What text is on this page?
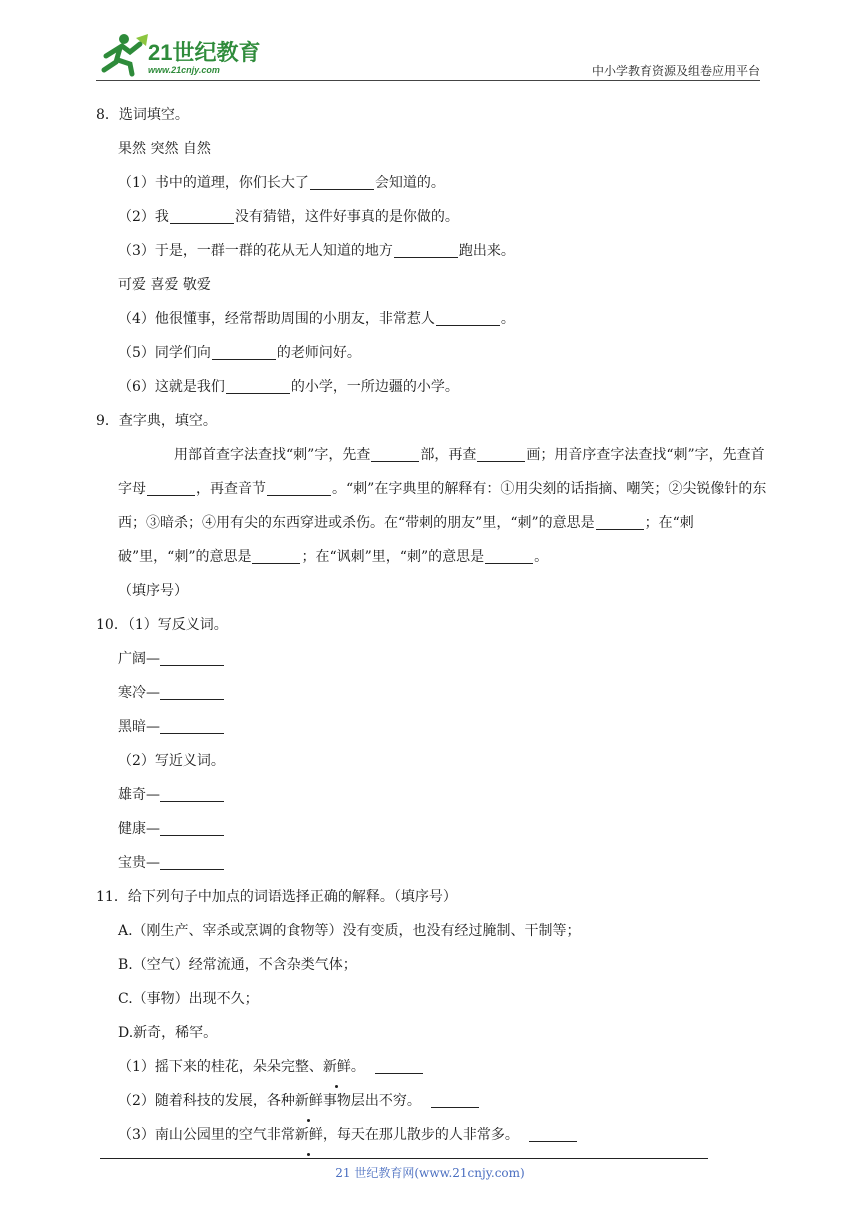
21世纪教育
www.21cnjy.com	中小学教育资源及组卷应用平台
8．选词填空。
果然 突然 自然
（1）书中的道理，你们长大了	会知道的。
（2）我	没有猜错，这件好事真的是你做的。
（3）于是，一群一群的花从无人知道的地方	跑出来。
可爱 喜爱 敬爱
（4）他很懂事，经常帮助周围的小朋友，非常惹人	。
（5）同学们向	的老师问好。
（6）这就是我们	的小学，一所边疆的小学。
9．查字典，填空。
用部首查字法查找“刺”字，先查	部，再查	画；用音序查字法查找“刺”字，先查首字母	，再查音节	。“刺”在字典里的解释有：①用尖刻的话指摘、嘲笑；②尖锐像针的东西；③暗杀；④用有尖的东西穿进或杀伤。在“带刺的朋友”里，“刺”的意思是	；在“刺破”里，“刺”的意思是	；在“讽刺”里，“刺”的意思是	。
（填序号）
10．（1）写反义词。
广阔—
寒冷—
黑暗—
（2）写近义词。
雄奇—
健康—
宝贵—
11．给下列句子中加点的词语选择正确的解释。（填序号）
A.（刚生产、宰杀或烹调的食物等）没有变质，也没有经过腌制、干制等；
B.（空气）经常流通，不含杂类气体；
C.（事物）出现不久；
D.新奇，稀罕。
（1）摇下来的桂花，朵朵完整、新鲜。
（2）随着科技的发展，各种新鲜事物层出不穷。
（3）南山公园里的空气非常新鲜，每天在那儿散步的人非常多。
21 世纪教育网(www.21cnjy.com)
